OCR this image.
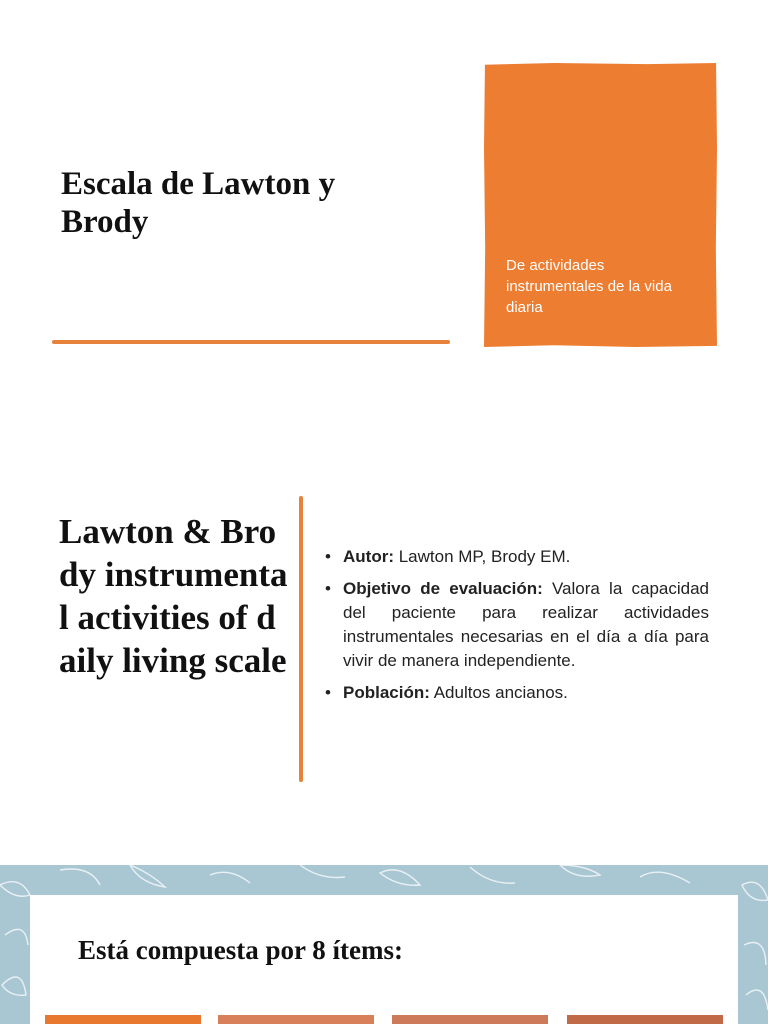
Escala de Lawton y Brody

De actividades instrumentales de la vida diaria

Lawton & Brody instrumental activities of daily living scale
• Autor: Lawton MP, Brody EM.
• Objetivo de evaluación: Valora la capacidad del paciente para realizar actividades instrumentales necesarias en el día a día para vivir de manera independiente.
• Población: Adultos ancianos.
Está compuesta por 8 ítems:
